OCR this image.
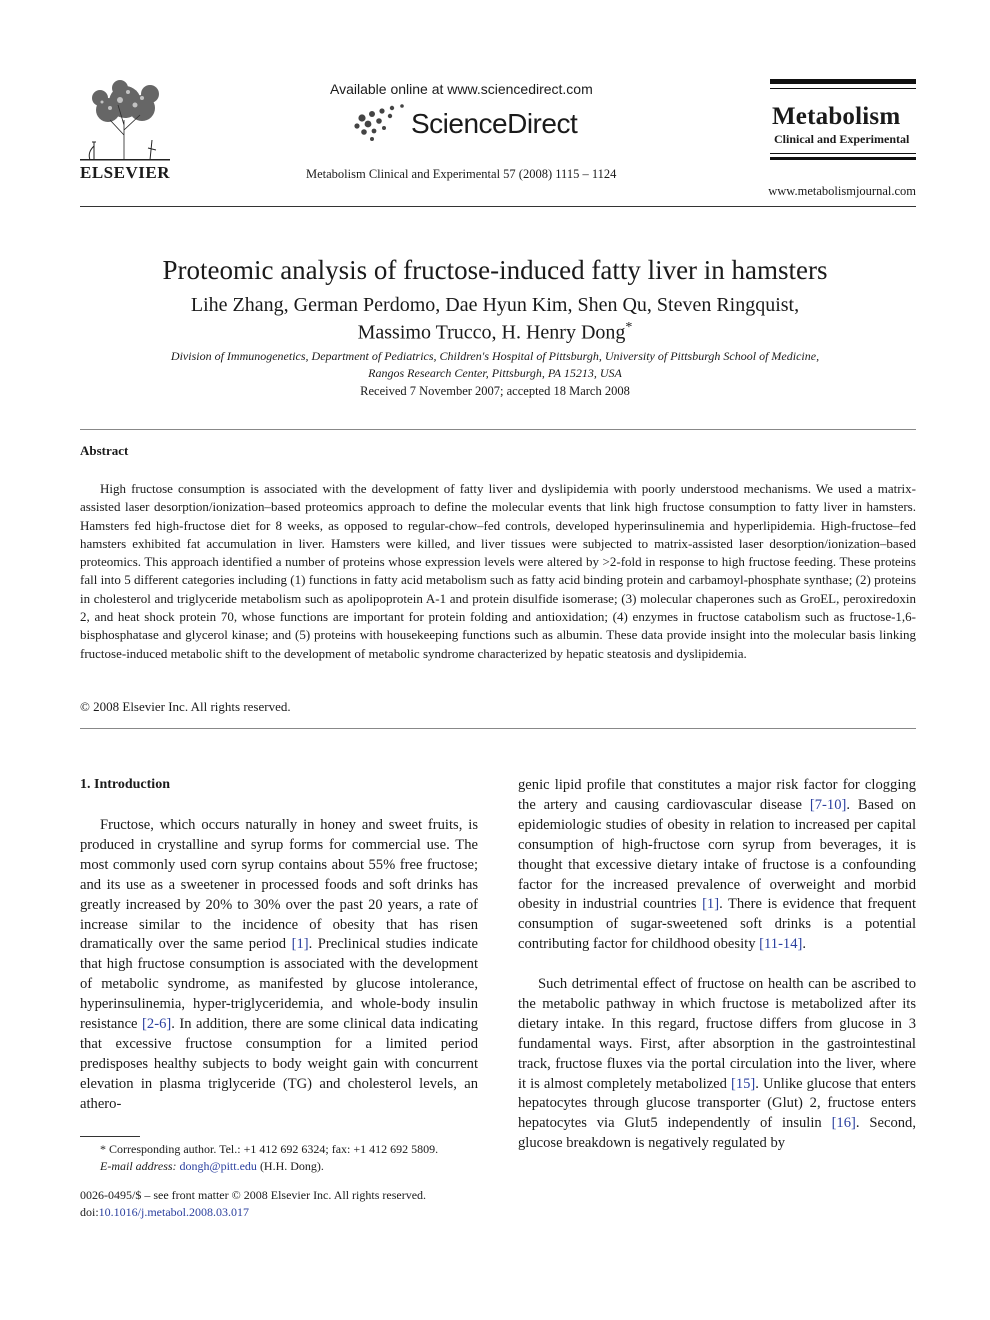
ELSEVIER
Available online at www.sciencedirect.com
ScienceDirect
Metabolism Clinical and Experimental 57 (2008) 1115 – 1124
Metabolism
Clinical and Experimental
www.metabolismjournal.com
Proteomic analysis of fructose-induced fatty liver in hamsters
Lihe Zhang, German Perdomo, Dae Hyun Kim, Shen Qu, Steven Ringquist,
Massimo Trucco, H. Henry Dong*
Division of Immunogenetics, Department of Pediatrics, Children's Hospital of Pittsburgh, University of Pittsburgh School of Medicine,
Rangos Research Center, Pittsburgh, PA 15213, USA
Received 7 November 2007; accepted 18 March 2008
Abstract
High fructose consumption is associated with the development of fatty liver and dyslipidemia with poorly understood mechanisms. We used a matrix-assisted laser desorption/ionization–based proteomics approach to define the molecular events that link high fructose consumption to fatty liver in hamsters. Hamsters fed high-fructose diet for 8 weeks, as opposed to regular-chow–fed controls, developed hyperinsulinemia and hyperlipidemia. High-fructose–fed hamsters exhibited fat accumulation in liver. Hamsters were killed, and liver tissues were subjected to matrix-assisted laser desorption/ionization–based proteomics. This approach identified a number of proteins whose expression levels were altered by >2-fold in response to high fructose feeding. These proteins fall into 5 different categories including (1) functions in fatty acid metabolism such as fatty acid binding protein and carbamoyl-phosphate synthase; (2) proteins in cholesterol and triglyceride metabolism such as apolipoprotein A-1 and protein disulfide isomerase; (3) molecular chaperones such as GroEL, peroxiredoxin 2, and heat shock protein 70, whose functions are important for protein folding and antioxidation; (4) enzymes in fructose catabolism such as fructose-1,6-bisphosphatase and glycerol kinase; and (5) proteins with housekeeping functions such as albumin. These data provide insight into the molecular basis linking fructose-induced metabolic shift to the development of metabolic syndrome characterized by hepatic steatosis and dyslipidemia.
© 2008 Elsevier Inc. All rights reserved.
1. Introduction
Fructose, which occurs naturally in honey and sweet fruits, is produced in crystalline and syrup forms for commercial use. The most commonly used corn syrup contains about 55% free fructose; and its use as a sweetener in processed foods and soft drinks has greatly increased by 20% to 30% over the past 20 years, a rate of increase similar to the incidence of obesity that has risen dramatically over the same period [1]. Preclinical studies indicate that high fructose consumption is associated with the development of metabolic syndrome, as manifested by glucose intolerance, hyperinsulinemia, hyper-triglyceridemia, and whole-body insulin resistance [2-6]. In addition, there are some clinical data indicating that excessive fructose consumption for a limited period predisposes healthy subjects to body weight gain with concurrent elevation in plasma triglyceride (TG) and cholesterol levels, an athero-
genic lipid profile that constitutes a major risk factor for clogging the artery and causing cardiovascular disease [7-10]. Based on epidemiologic studies of obesity in relation to increased per capital consumption of high-fructose corn syrup from beverages, it is thought that excessive dietary intake of fructose is a confounding factor for the increased prevalence of overweight and morbid obesity in industrial countries [1]. There is evidence that frequent consumption of sugar-sweetened soft drinks is a potential contributing factor for childhood obesity [11-14].
Such detrimental effect of fructose on health can be ascribed to the metabolic pathway in which fructose is metabolized after its dietary intake. In this regard, fructose differs from glucose in 3 fundamental ways. First, after absorption in the gastrointestinal track, fructose fluxes via the portal circulation into the liver, where it is almost completely metabolized [15]. Unlike glucose that enters hepatocytes through glucose transporter (Glut) 2, fructose enters hepatocytes via Glut5 independently of insulin [16]. Second, glucose breakdown is negatively regulated by
* Corresponding author. Tel.: +1 412 692 6324; fax: +1 412 692 5809.
E-mail address: dongh@pitt.edu (H.H. Dong).
0026-0495/$ – see front matter © 2008 Elsevier Inc. All rights reserved.
doi:10.1016/j.metabol.2008.03.017
